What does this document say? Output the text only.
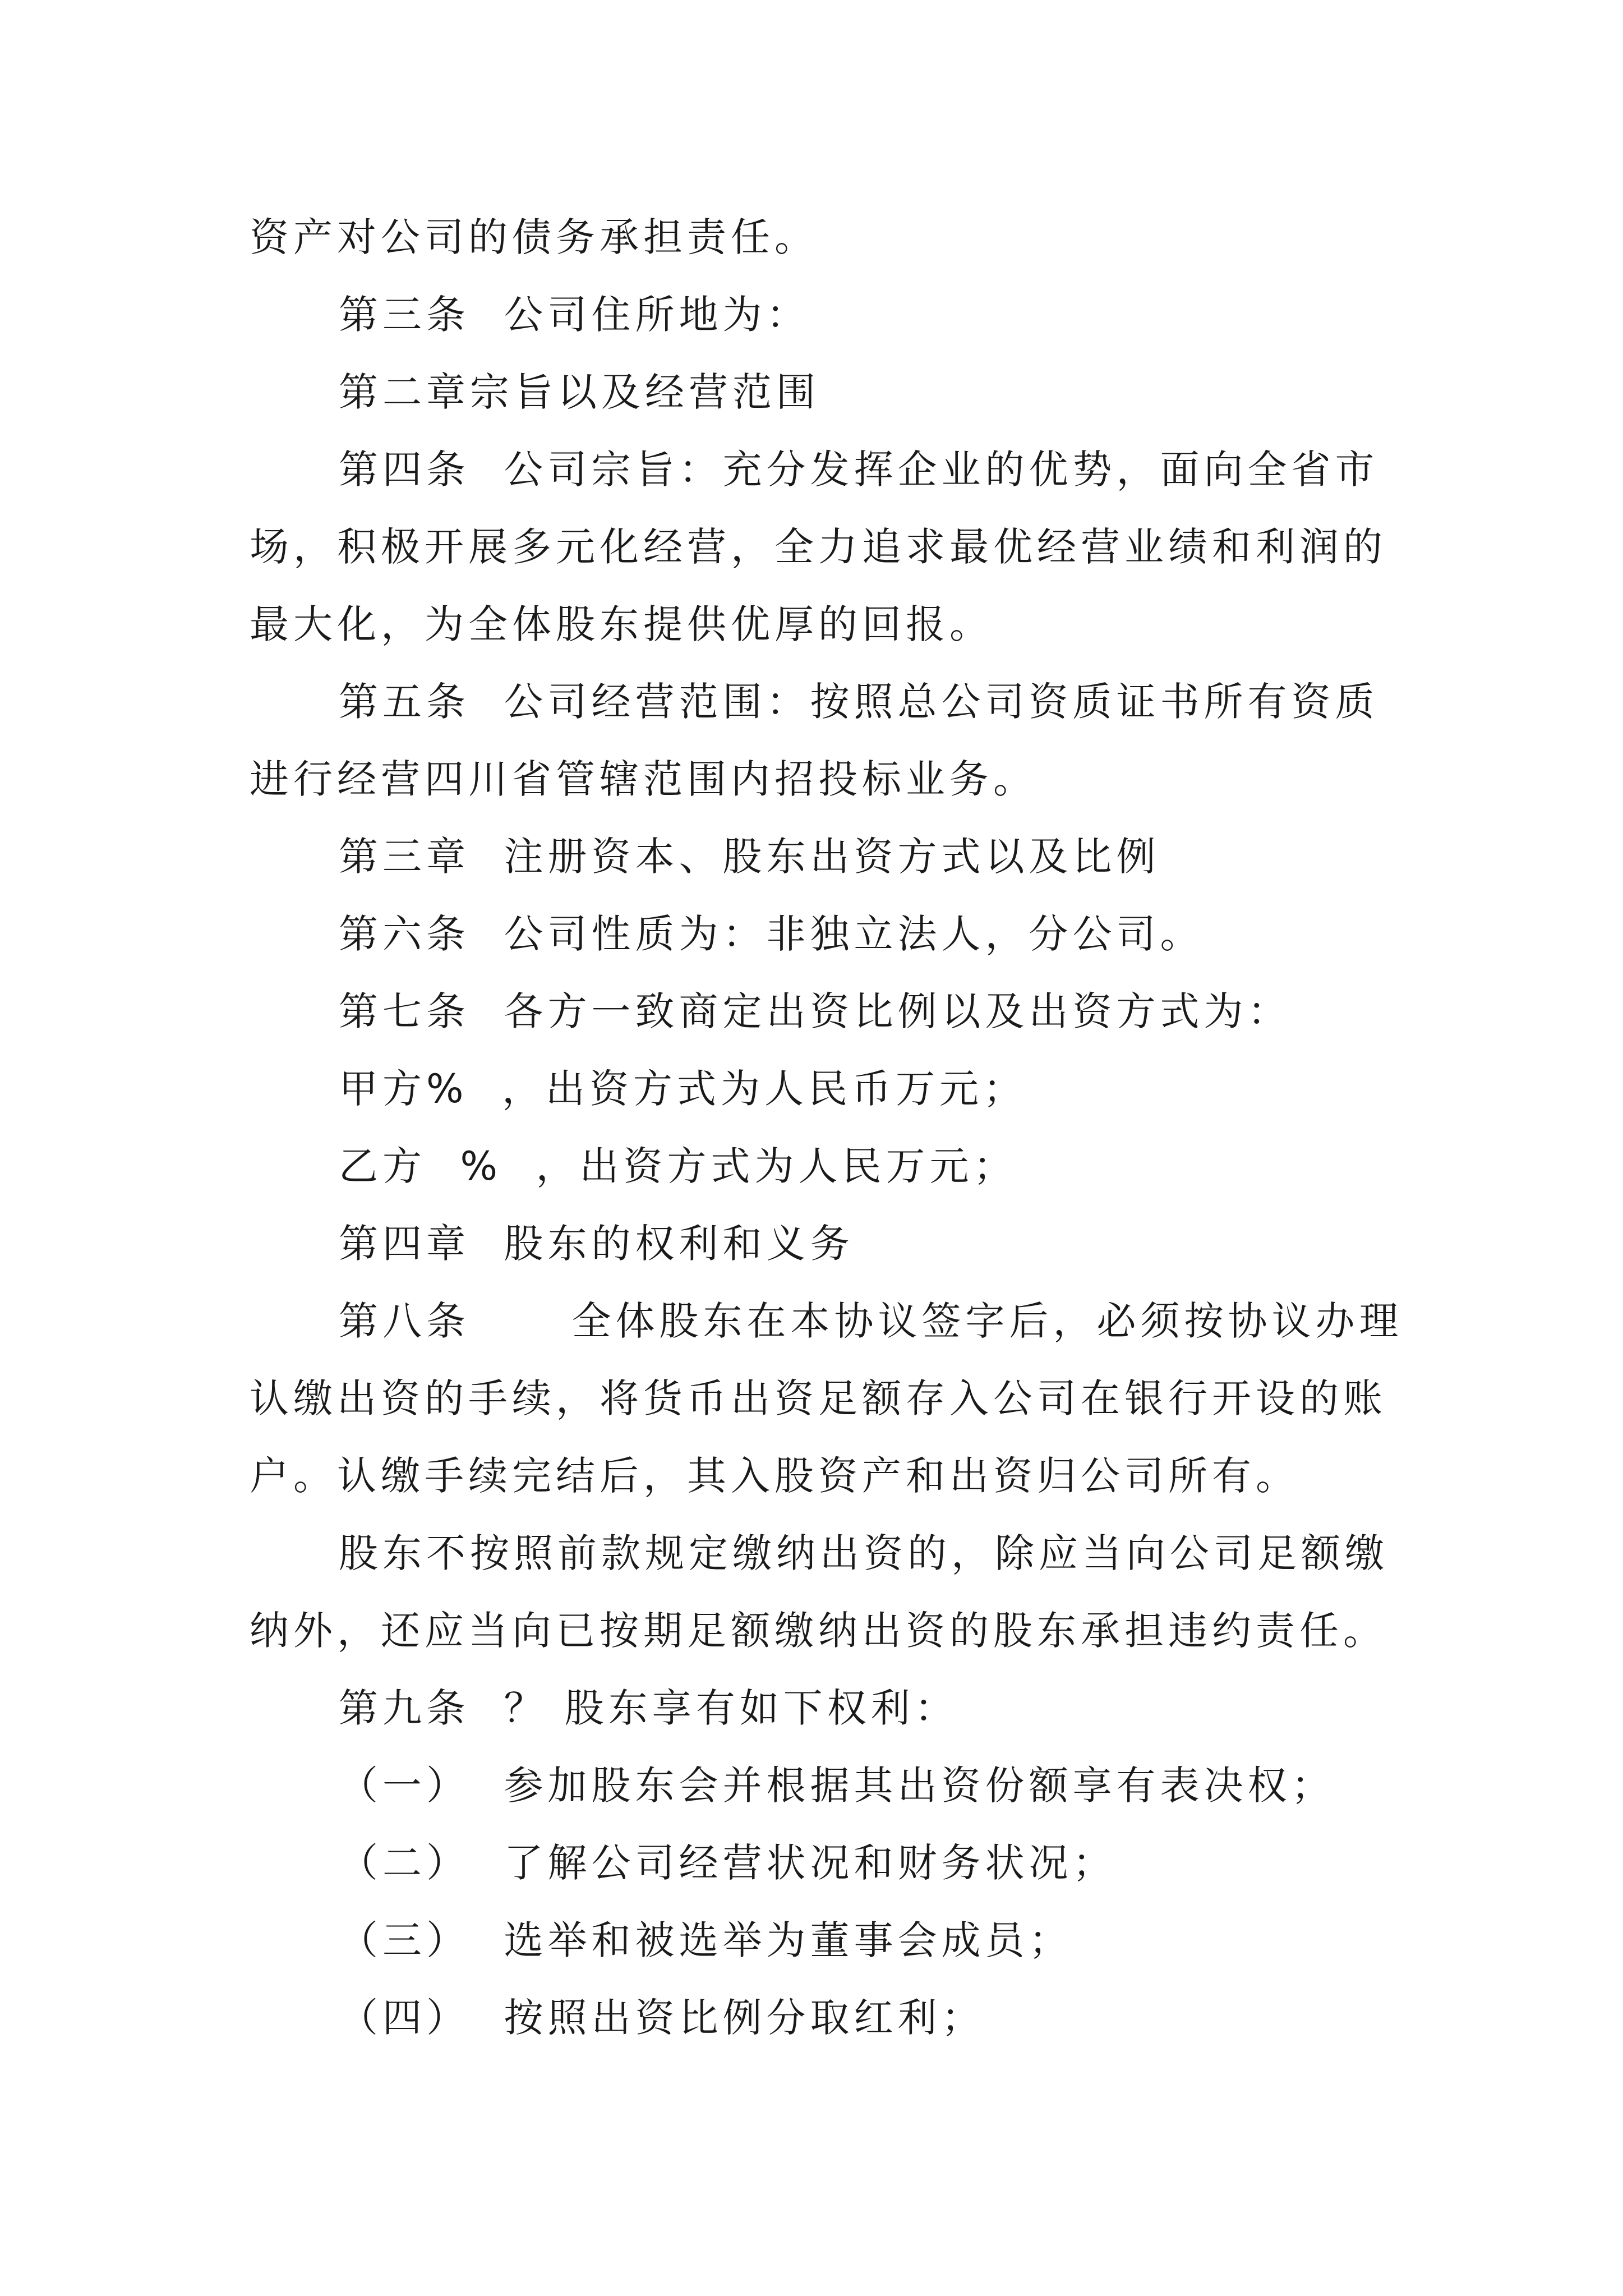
资产对公司的债务承担责任。
第三条  公司住所地为：
第二章宗旨以及经营范围
第四条  公司宗旨：充分发挥企业的优势，面向全省市
场，积极开展多元化经营，全力追求最优经营业绩和利润的
最大化，为全体股东提供优厚的回报。
第五条  公司经营范围：按照总公司资质证书所有资质
进行经营四川省管辖范围内招投标业务。
第三章  注册资本、股东出资方式以及比例
第六条  公司性质为：非独立法人，分公司。
第七条  各方一致商定出资比例以及出资方式为：
甲方%  ，出资方式为人民币万元；
乙方  %  ，出资方式为人民万元；
第四章  股东的权利和义务
第八条      全体股东在本协议签字后，必须按协议办理
认缴出资的手续，将货币出资足额存入公司在银行开设的账
户。认缴手续完结后，其入股资产和出资归公司所有。
股东不按照前款规定缴纳出资的，除应当向公司足额缴
纳外，还应当向已按期足额缴纳出资的股东承担违约责任。
第九条  ？ 股东享有如下权利：
（一）  参加股东会并根据其出资份额享有表决权；
（二）  了解公司经营状况和财务状况；
（三）  选举和被选举为董事会成员；
（四）  按照出资比例分取红利；
